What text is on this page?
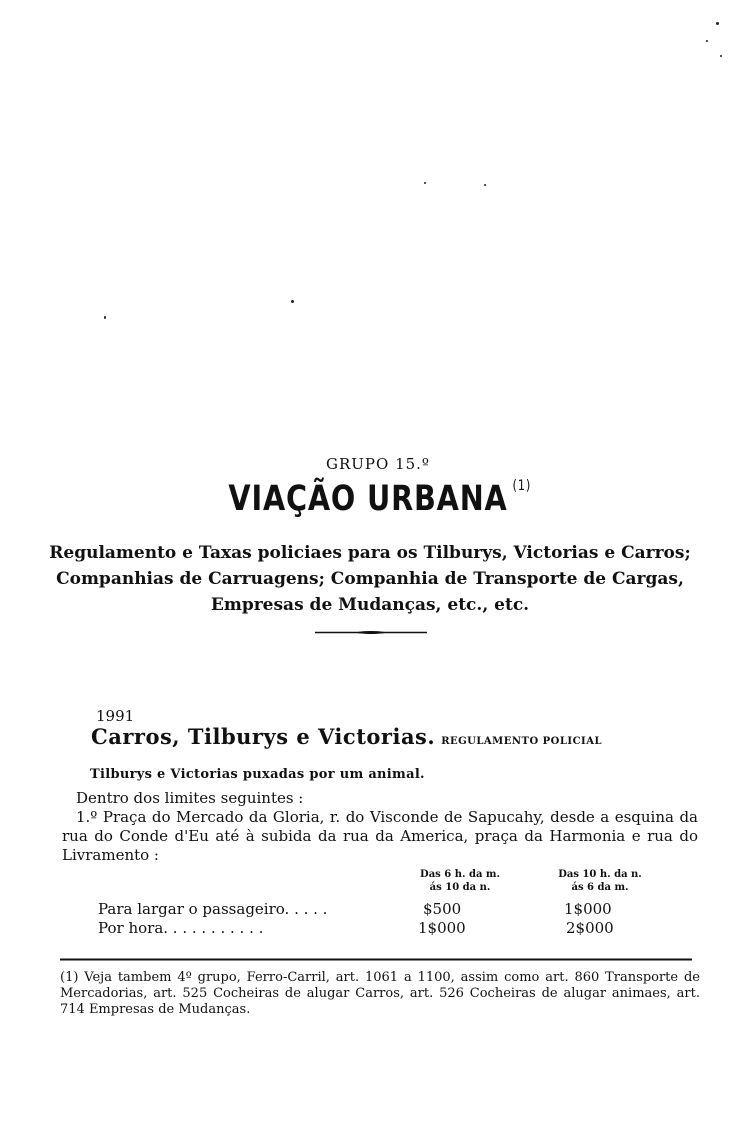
GRUPO 15.º
VIAÇÃO URBANA $^{(1)}$
Regulamento e Taxas policiaes para os Tilburys, Victorias e Carros;
Companhias de Carruagens; Companhia de Transporte de Cargas,
Empresas de Mudanças, etc., etc.
1991
Carros, Tilburys e Victorias. REGULAMENTO POLICIAL
Tilburys e Victorias puxadas por um animal.
Dentro dos limites seguintes :
1.º Praça do Mercado da Gloria, r. do Visconde de Sapucahy, desde a esquina da rua do Conde d'Eu até à subida da rua da America, praça da Harmonia e rua do Livramento :
Das 6 h. da m.
ás 10 da n.
Das 10 h. da n.
ás 6 da m.
Para largar o passageiro. . . . .	$500	1$000
Por hora. . . . . . . . . . .	1$000	2$000
(1) Veja tambem 4º grupo, Ferro-Carril, art. 1061 a 1100, assim como art. 860 Transporte de Mercadorias, art. 525 Cocheiras de alugar Carros, art. 526 Cocheiras de alugar animaes, art. 714 Empresas de Mudanças.
